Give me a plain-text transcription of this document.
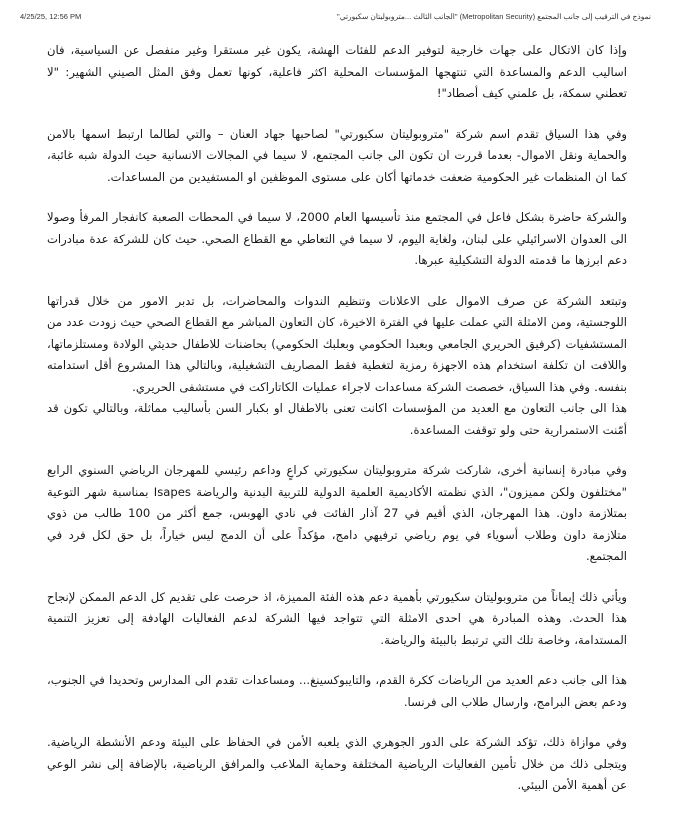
4/25/25, 12:56 PM	نموذج في الترقيب إلى جانب المجتمع (Metropolitan Security) "الجانب الثالث ...متروبوليتان سكيورتي"

وإذا كان الاتكال على جهات خارجية لتوفير الدعم للفئات الهشة، يكون غير مستقرا وغير منفصل عن السياسية، فان اساليب الدعم والمساعدة التي تنتهجها المؤسسات المحلية اكثر فاعلية، كونها تعمل وفق المثل الصيني الشهير: "لا تعطني سمكة، بل علمني كيف أصطاد"!

وفي هذا السياق تقدم اسم شركة "متروبوليتان سكيورتي" لصاحبها جهاد العنان – والتي لطالما ارتبط اسمها بالامن والحماية ونقل الاموال- بعدما قررت ان تكون الى جانب المجتمع، لا سيما في المجالات الانسانية حيث الدولة شبه غائبة، كما ان المنظمات غير الحكومية ضعفت خدماتها أكان على مستوى الموظفين او المستفيدين من المساعدات.

والشركة حاضرة بشكل فاعل في المجتمع منذ تأسيسها العام 2000، لا سيما في المحطات الصعبة كانفجار المرفأ وصولا الى العدوان الاسرائيلي على لبنان، ولغاية اليوم، لا سيما في التعاطي مع القطاع الصحي. حيث كان للشركة عدة مبادرات دعم ابرزها ما قدمته الدولة التشكيلية عبرها.

وتبتعد الشركة عن صرف الاموال على الاعلانات وتنظيم الندوات والمحاضرات، بل تدبر الامور من خلال قدراتها اللوجستية، ومن الامثلة التي عملت عليها في الفترة الاخيرة، كان التعاون المباشر مع القطاع الصحي حيث زودت عدد من المستشفيات (كرفيق الحريري الجامعي وبعبدا الحكومي وبعلبك الحكومي) بحاضنات للاطفال حديثي الولادة ومستلزماتها، واللافت ان تكلفة استخدام هذه الاجهزة رمزية لتغطية فقط المصاريف التشغيلية، وبالتالي هذا المشروع أقل استدامته بنفسه. وفي هذا السياق، خصصت الشركة مساعدات لاجراء عمليات الكاتاراكت في مستشفى الحريري.

هذا الى جانب التعاون مع العديد من المؤسسات اكانت تعنى بالاطفال او بكبار السن بأساليب مماثلة، وبالتالي تكون قد أمّنت الاستمرارية حتى ولو توقفت المساعدة.

وفي مبادرة إنسانية أخرى، شاركت شركة متروبوليتان سكيورتي كراعٍ وداعم رئيسي للمهرجان الرياضي السنوي الرابع "مختلفون ولكن مميزون"، الذي نظمته الأكاديمية العلمية الدولية للتربية البدنية والرياضة Isapes بمناسبة شهر التوعية بمتلازمة داون. هذا المهرجان، الذي أقيم في 27 آذار الفائت في نادي الهوبس، جمع أكثر من 100 طالب من ذوي متلازمة داون وطلاب أسوياء في يوم رياضي ترفيهي دامج، مؤكداً على أن الدمج ليس خياراً، بل حق لكل فرد في المجتمع.

ويأتي ذلك إيماناً من متروبوليتان سكيورتي بأهمية دعم هذه الفئة المميزة، اذ حرصت على تقديم كل الدعم الممكن لإنجاح هذا الحدث. وهذه المبادرة هي احدى الامثلة التي تتواجد فيها الشركة لدعم الفعاليات الهادفة إلى تعزيز التنمية المستدامة، وخاصة تلك التي ترتبط بالبيئة والرياضة.

هذا الى جانب دعم العديد من الرياضات ككرة القدم، والتايبوكسينغ... ومساعدات تقدم الى المدارس وتحديدا في الجنوب، ودعم بعض البرامج، وارسال طلاب الى فرنسا.

وفي موازاة ذلك، تؤكد الشركة على الدور الجوهري الذي يلعبه الأمن في الحفاظ على البيئة ودعم الأنشطة الرياضية. ويتجلى ذلك من خلال تأمين الفعاليات الرياضية المختلفة وحماية الملاعب والمرافق الرياضية، بالإضافة إلى نشر الوعي عن أهمية الأمن البيئي.
